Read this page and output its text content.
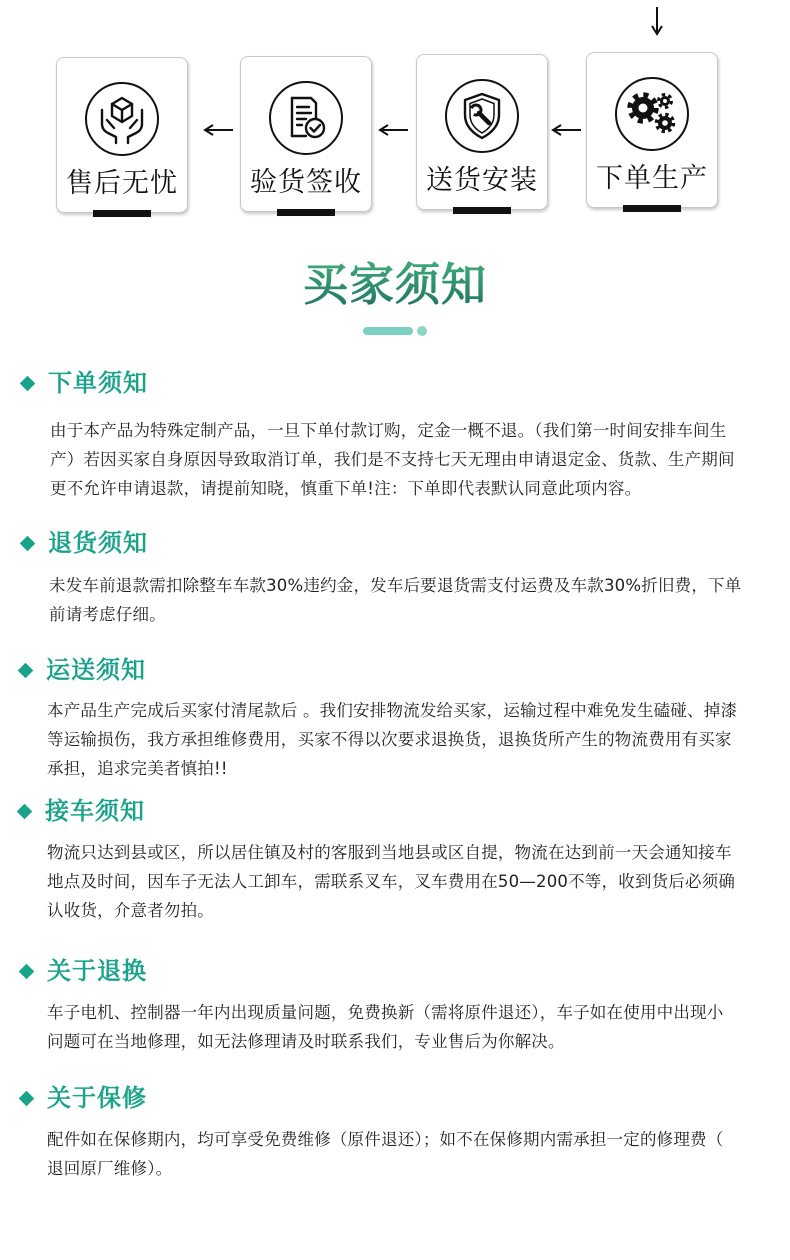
售后无忧	验货签收	送货安装	下单生产
买家须知
下单须知
由于本产品为特殊定制产品，一旦下单付款订购，定金一概不退。（我们第一时间安排车间生
产）若因买家自身原因导致取消订单，我们是不支持七天无理由申请退定金、货款、生产期间
更不允许申请退款，请提前知晓，慎重下单!注：下单即代表默认同意此项内容。
退货须知
未发车前退款需扣除整车车款30%违约金，发车后要退货需支付运费及车款30%折旧费，下单
前请考虑仔细。
运送须知
本产品生产完成后买家付清尾款后 。我们安排物流发给买家，运输过程中难免发生磕碰、掉漆
等运输损伤，我方承担维修费用，买家不得以次要求退换货，退换货所产生的物流费用有买家
承担，追求完美者慎拍!!
接车须知
物流只达到县或区，所以居住镇及村的客服到当地县或区自提，物流在达到前一天会通知接车
地点及时间，因车子无法人工卸车，需联系叉车，叉车费用在50—200不等，收到货后必须确
认收货，介意者勿拍。
关于退换
车子电机、控制器一年内出现质量问题，免费换新（需将原件退还），车子如在使用中出现小
问题可在当地修理，如无法修理请及时联系我们，专业售后为你解决。
关于保修
配件如在保修期内，均可享受免费维修（原件退还）；如不在保修期内需承担一定的修理费（
退回原厂维修）。
